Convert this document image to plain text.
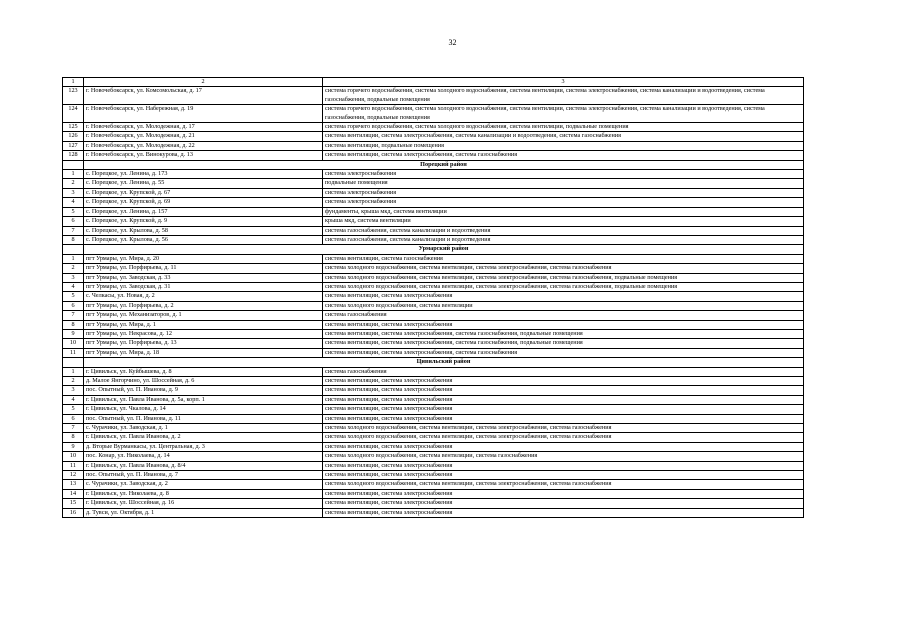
32
1	2	3
123	г. Новочебоксарск, ул. Комсомольская, д. 17	система горячего водоснабжения, система холодного водоснабжения, система вентиляции, система электроснабжения, система канализации и водоотведения, система газоснабжения, подвальные помещения
124	г. Новочебоксарск, ул. Набережная, д. 19	система горячего водоснабжения, система холодного водоснабжения, система вентиляции, система электроснабжения, система канализации и водоотведения, система газоснабжения, подвальные помещения
125	г. Новочебоксарск, ул. Молодежная, д. 17	система горячего водоснабжения, система холодного водоснабжения, система вентиляции, подвальные помещения
126	г. Новочебоксарск, ул. Молодежная, д. 21	система вентиляции, система электроснабжения, система канализации и водоотведения, система газоснабжения
127	г. Новочебоксарск, ул. Молодежная, д. 22	система вентиляции, подвальные помещения
128	г. Новочебоксарск, ул. Винокурова, д. 13	система вентиляции, система электроснабжения, система газоснабжения
	Порецкий район	
1	с. Порецкое, ул. Ленина, д. 173	система электроснабжения
2	с. Порецкое, ул. Ленина, д. 55	подвальные помещения
3	с. Порецкое, ул. Крупской, д. 67	система электроснабжения
4	с. Порецкое, ул. Крупской, д. 69	система электроснабжения
5	с. Порецкое, ул. Ленина, д. 157	фундаменты, крыша мкд, система вентиляции
6	с. Порецкое, ул. Крупской, д. 9	крыша мкд, система вентиляции
7	с. Порецкое, ул. Крылова, д. 58	система газоснабжения, система канализации и водоотведения
8	с. Порецкое, ул. Крылова, д. 56	система газоснабжения, система канализации и водоотведения
	Урмарский район	
1	пгт Урмары, ул. Мира, д. 20	система вентиляции, система газоснабжения
2	пгт Урмары, ул. Порфирьева, д. 11	система холодного водоснабжения, система вентиляции, система электроснабжения, система газоснабжения
3	пгт Урмары, ул. Заводская, д. 33	система холодного водоснабжения, система вентиляции, система электроснабжения, система газоснабжения, подвальные помещения
4	пгт Урмары, ул. Заводская, д. 31	система холодного водоснабжения, система вентиляции, система электроснабжения, система газоснабжения, подвальные помещения
5	с. Челкасы, ул. Новая, д. 2	система вентиляции, система электроснабжения
6	пгт Урмары, ул. Порфирьева, д. 2	система холодного водоснабжения, система вентиляции
7	пгт Урмары, ул. Механизаторов, д. 1	система газоснабжения
8	пгт Урмары, ул. Мира, д. 1	система вентиляции, система электроснабжения
9	пгт Урмары, ул. Некрасова, д. 12	система вентиляции, система электроснабжения, система газоснабжения, подвальные помещения
10	пгт Урмары, ул. Порфирьева, д. 13	система вентиляции, система электроснабжения, система газоснабжения, подвальные помещения
11	пгт Урмары, ул. Мира, д. 18	система вентиляции, система электроснабжения, система газоснабжения
	Цивильский район	
1	г. Цивильск, ул. Куйбышева, д. 8	система газоснабжения
2	д. Малое Янгорчино, ул. Шоссейная, д. 6	система вентиляции, система электроснабжения
3	пос. Опытный, ул. П. Иванова, д. 9	система вентиляции, система электроснабжения
4	г. Цивильск, ул. Павла Иванова, д. 5а, корп. 1	система вентиляции, система электроснабжения
5	г. Цивильск, ул. Чкалова, д. 14	система вентиляции, система электроснабжения
6	пос. Опытный, ул. П. Иванова, д. 11	система вентиляции, система электроснабжения
7	с. Чурачики, ул. Заводская, д. 1	система холодного водоснабжения, система вентиляции, система электроснабжения, система газоснабжения
8	г. Цивильск, ул. Павла Иванова, д. 2	система холодного водоснабжения, система вентиляции, система электроснабжения, система газоснабжения
9	д. Вторые Вурманкасы, ул. Центральная, д. 3	система вентиляции, система электроснабжения
10	пос. Конар, ул. Николаева, д. 14	система холодного водоснабжения, система вентиляции, система газоснабжения
11	г. Цивильск, ул. Павла Иванова, д. 8/4	система вентиляции, система электроснабжения
12	пос. Опытный, ул. П. Иванова, д. 7	система вентиляции, система электроснабжения
13	с. Чурачики, ул. Заводская, д. 2	система холодного водоснабжения, система вентиляции, система электроснабжения, система газоснабжения
14	г. Цивильск, ул. Николаева, д. 8	система вентиляции, система электроснабжения
15	г. Цивильск, ул. Шоссейная, д. 16	система вентиляции, система электроснабжения
16	д. Тувси, ул. Октября, д. 1	система вентиляции, система электроснабжения
